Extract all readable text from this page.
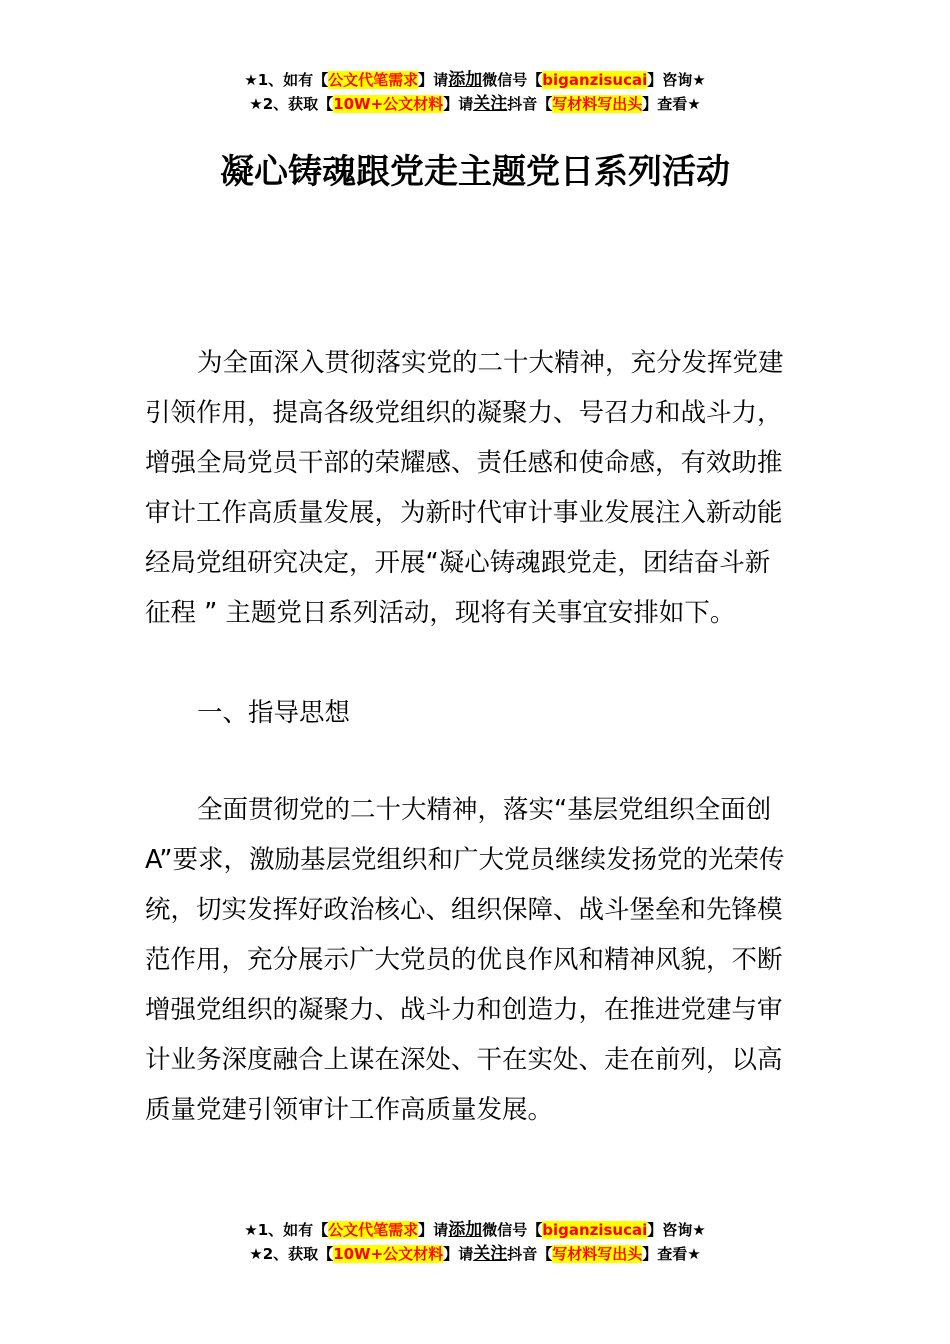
★1、如有【公文代笔需求】请添加微信号【biganzisucai】咨询★
★2、获取【10W+公文材料】请关注抖音【写材料写出头】查看★
凝心铸魂跟党走主题党日系列活动

为全面深入贯彻落实党的二十大精神，充分发挥党建
引领作用，提高各级党组织的凝聚力、号召力和战斗力，
增强全局党员干部的荣耀感、责任感和使命感，有效助推
审计工作高质量发展，为新时代审计事业发展注入新动能
经局党组研究决定，开展“凝心铸魂跟党走，团结奋斗新
征程 ” 主题党日系列活动，现将有关事宜安排如下。

一、指导思想

全面贯彻党的二十大精神，落实“基层党组织全面创
A”要求，激励基层党组织和广大党员继续发扬党的光荣传
统，切实发挥好政治核心、组织保障、战斗堡垒和先锋模
范作用，充分展示广大党员的优良作风和精神风貌，不断
增强党组织的凝聚力、战斗力和创造力，在推进党建与审
计业务深度融合上谋在深处、干在实处、走在前列，以高
质量党建引领审计工作高质量发展。

★1、如有【公文代笔需求】请添加微信号【biganzisucai】咨询★
★2、获取【10W+公文材料】请关注抖音【写材料写出头】查看★
